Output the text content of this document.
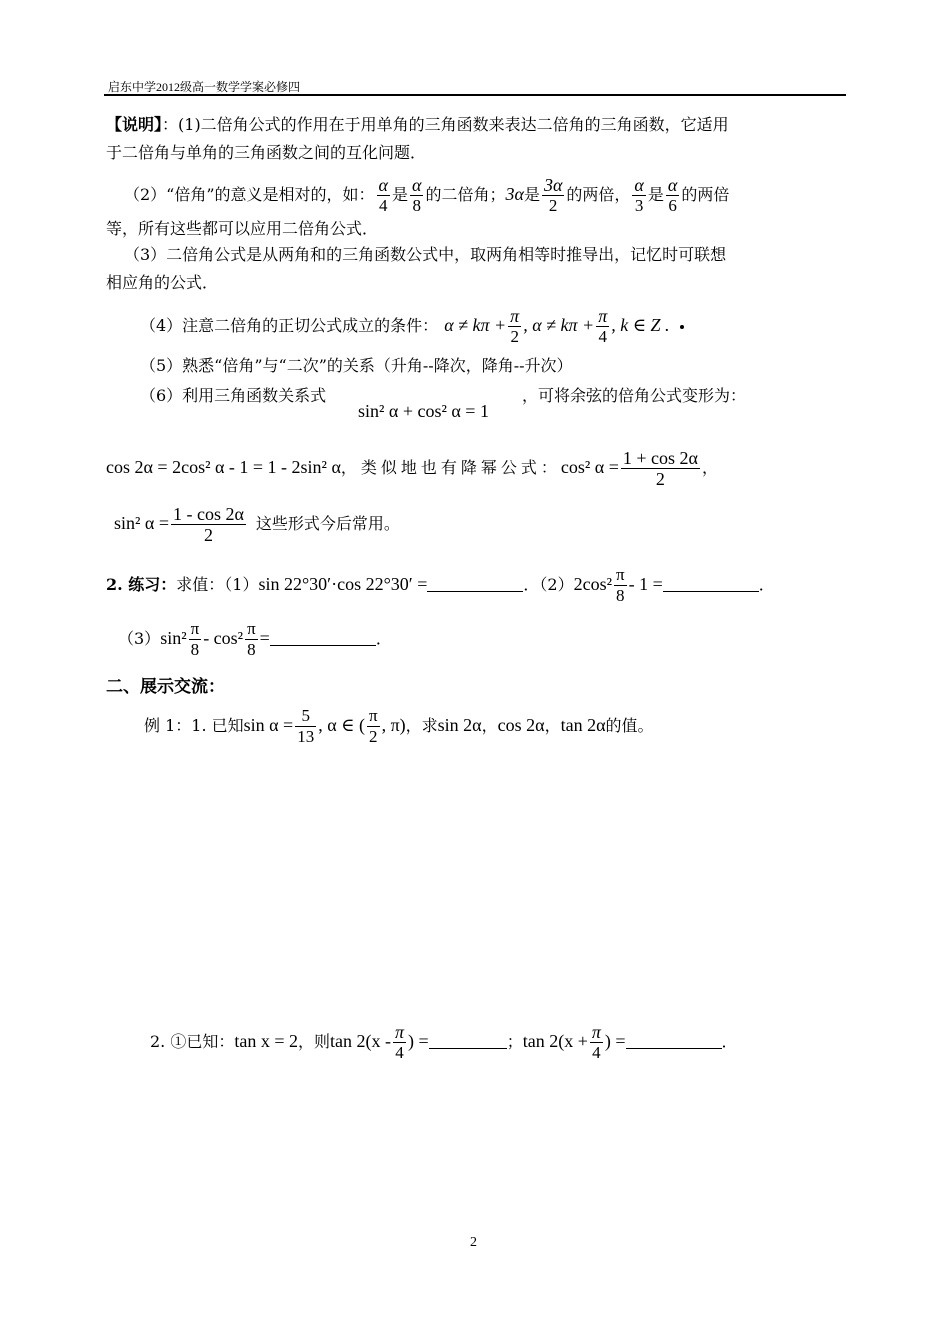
启东中学2012级高一数学学案必修四
【说明】：(1)二倍角公式的作用在于用单角的三角函数来表达二倍角的三角函数，它适用
于二倍角与单角的三角函数之间的互化问题．
（2）“倍角”的意义是相对的，如： $\frac{\alpha}{4}$ 是 $\frac{\alpha}{8}$ 的二倍角；3α是 $\frac{3\alpha}{2}$ 的两倍， $\frac{\alpha}{3}$ 是 $\frac{\alpha}{6}$ 的两倍
等，所有这些都可以应用二倍角公式．
（3）二倍角公式是从两角和的三角函数公式中，取两角相等时推导出，记忆时可联想
相应角的公式．
（4）注意二倍角的正切公式成立的条件： $\alpha \ne k\pi + \frac{\pi}{2}$ , $\alpha \ne k\pi + \frac{\pi}{4}$ , k ∈ Z .
（5）熟悉“倍角”与“二次”的关系（升角--降次，降角--升次）
（6）利用三角函数关系式
sin² α + cos² α = 1
，可将余弦的倍角公式变形为：
cos 2α = 2cos² α - 1 = 1 - 2sin² α，类似地也有降幂公式：cos² $\alpha = \frac{1 + \cos 2\alpha}{2}$ ，
sin² $\alpha = \frac{1 - \cos 2\alpha}{2}$ 这些形式今后常用。
2. 练习：求值：（1）sin 22°30′·cos 22°30′ =	．$(2)2\cos^2 \frac{\pi}{8} - 1$ =	．
$(3)\sin^2 \frac{\pi}{8} - \cos^2 \frac{\pi}{8}$ =	．
二、展示交流：
例 1：1. 已知$\sin \alpha = \frac{5}{13}$ , α ∈ ( $\frac{\pi}{2}$ , π)，求sin 2α，cos 2α，tan 2α的值。
2. ①已知：tan x = 2，则$\tan 2(x - \frac{\pi}{4}$ ) =	；$\tan 2(x + \frac{\pi}{4}$ ) =	．
2
